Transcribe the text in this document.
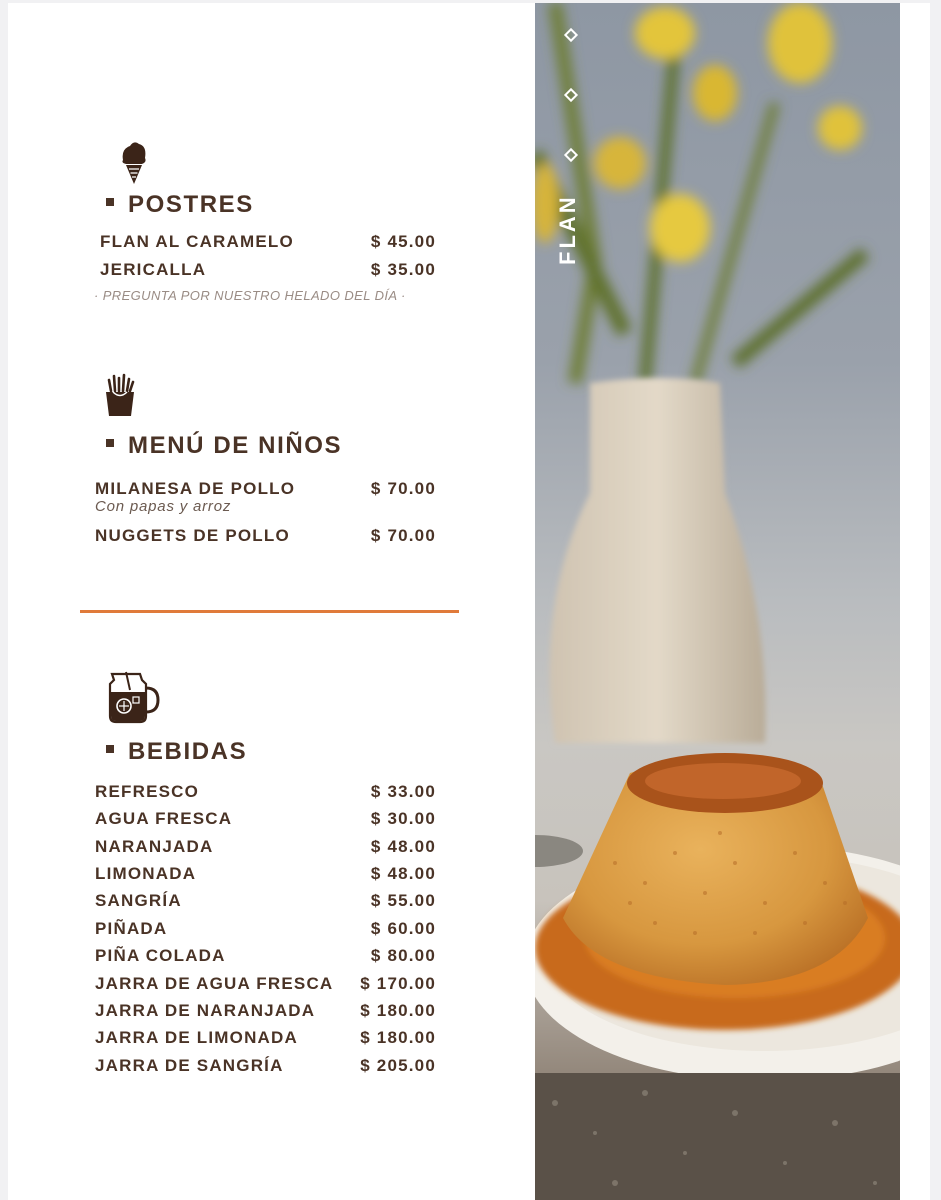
POSTRES
FLAN AL CARAMELO	$ 45.00
JERICALLA	$ 35.00
· PREGUNTA POR NUESTRO HELADO DEL DÍA ·
MENÚ DE NIÑOS
MILANESA DE POLLO	$ 70.00
Con papas y arroz
NUGGETS DE POLLO	$ 70.00
BEBIDAS
REFRESCO	$ 33.00
AGUA FRESCA	$ 30.00
NARANJADA	$ 48.00
LIMONADA	$ 48.00
SANGRÍA	$ 55.00
PIÑADA	$ 60.00
PIÑA COLADA	$ 80.00
JARRA DE AGUA FRESCA $ 170.00
JARRA DE NARANJADA	$ 180.00
JARRA DE LIMONADA	$ 180.00
JARRA DE SANGRÍA	$ 205.00
FLAN
